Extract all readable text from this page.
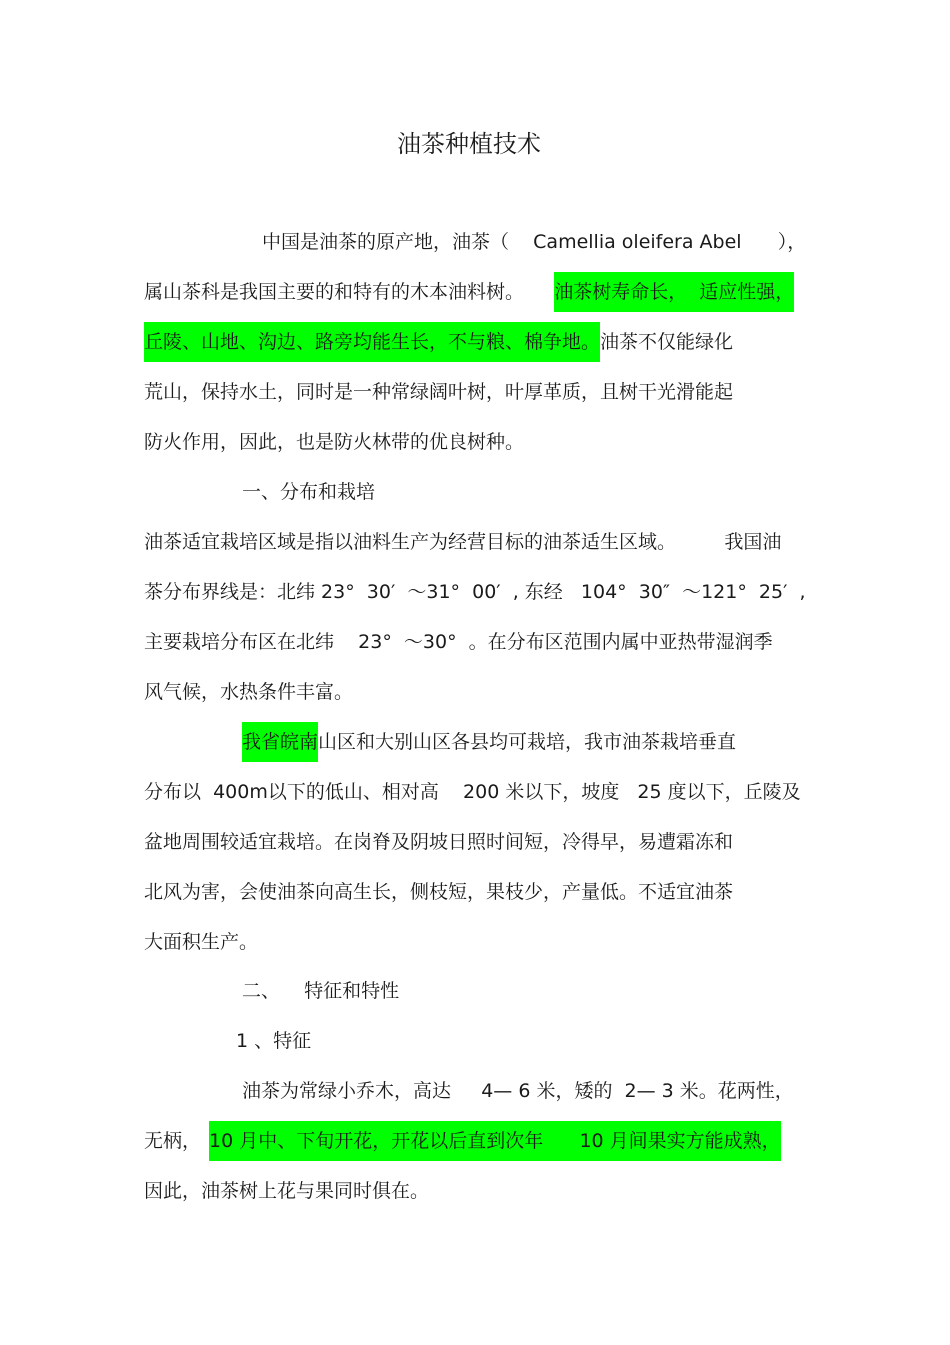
油茶种植技术
中国是油茶的原产地，油茶（    Camellia oleifera Abel      ），
属山茶科是我国主要的和特有的木本油料树。     油茶树寿命长，  适应性强，
丘陵、山地、沟边、路旁均能生长，不与粮、棉争地。油茶不仅能绿化
荒山，保持水土，同时是一种常绿阔叶树，叶厚革质，且树干光滑能起
防火作用，因此，也是防火林带的优良树种。
一、分布和栽培
油茶适宜栽培区域是指以油料生产为经营目标的油茶适生区域。        我国油
茶分布界线是：北纬 23°  30′  ～31°  00′  , 东经   104°  30″  ～121°  25′  ,
主要栽培分布区在北纬    23°  ～30°  。在分布区范围内属中亚热带湿润季
风气候，水热条件丰富。
我省皖南山区和大别山区各县均可栽培，我市油茶栽培垂直
分布以  400m以下的低山、相对高    200 米以下，坡度   25 度以下，丘陵及
盆地周围较适宜栽培。在岗脊及阴坡日照时间短，冷得早，易遭霜冻和
北风为害，会使油茶向高生长，侧枝短，果枝少，产量低。不适宜油茶
大面积生产。
二、    特征和特性
1 、特征
油茶为常绿小乔木，高达     4— 6 米，矮的  2— 3 米。花两性，
无柄， 10 月中、下旬开花，开花以后直到次年      10 月间果实方能成熟，
因此，油茶树上花与果同时俱在。
